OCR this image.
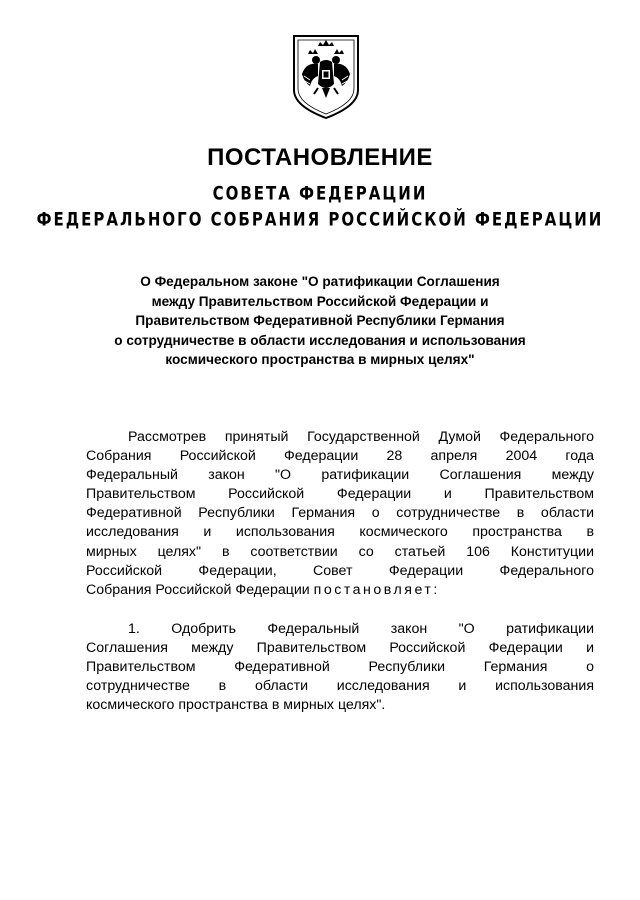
ПОСТАНОВЛЕНИЕ
СОВЕТА ФЕДЕРАЦИИ
ФЕДЕРАЛЬНОГО СОБРАНИЯ РОССИЙСКОЙ ФЕДЕРАЦИИ
О Федеральном законе "О ратификации Соглашения
между Правительством Российской Федерации и
Правительством Федеративной Республики Германия
о сотрудничестве в области исследования и использования
космического пространства в мирных целях"
Рассмотрев принятый Государственной Думой Федерального
Собрания Российской Федерации 28 апреля 2004 года
Федеральный закон "О ратификации Соглашения между
Правительством Российской Федерации и Правительством
Федеративной Республики Германия о сотрудничестве в области
исследования и использования космического пространства в
мирных целях" в соответствии со статьей 106 Конституции
Российской Федерации, Совет Федерации Федерального
Собрания Российской Федерации постановляет:
1. Одобрить Федеральный закон "О ратификации
Соглашения между Правительством Российской Федерации и
Правительством Федеративной Республики Германия о
сотрудничестве в области исследования и использования
космического пространства в мирных целях".
